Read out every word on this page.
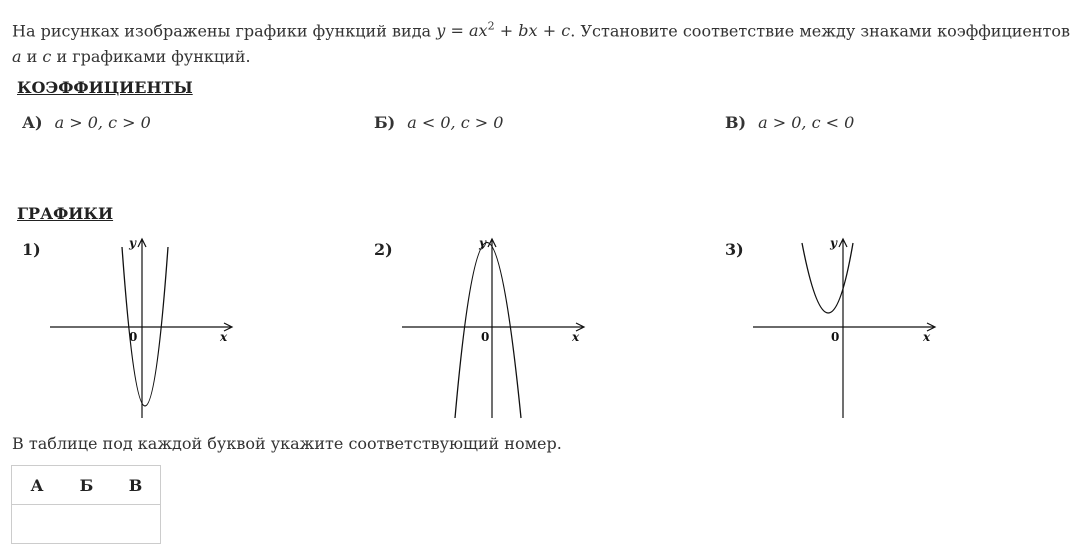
На рисунках изображены графики функций вида $y = ax^2$ + bx + c. Установите соответствие между знаками коэффициентов a и c и графиками функций.
КОЭФФИЦИЕНТЫ
А) a > 0, c > 0	Б) a < 0, c > 0	В) a > 0, c < 0
ГРАФИКИ
1)	2)	3)
x
y
0	x
y
0	x
y
0
В таблице под каждой буквой укажите соответствующий номер.
А	Б	В
